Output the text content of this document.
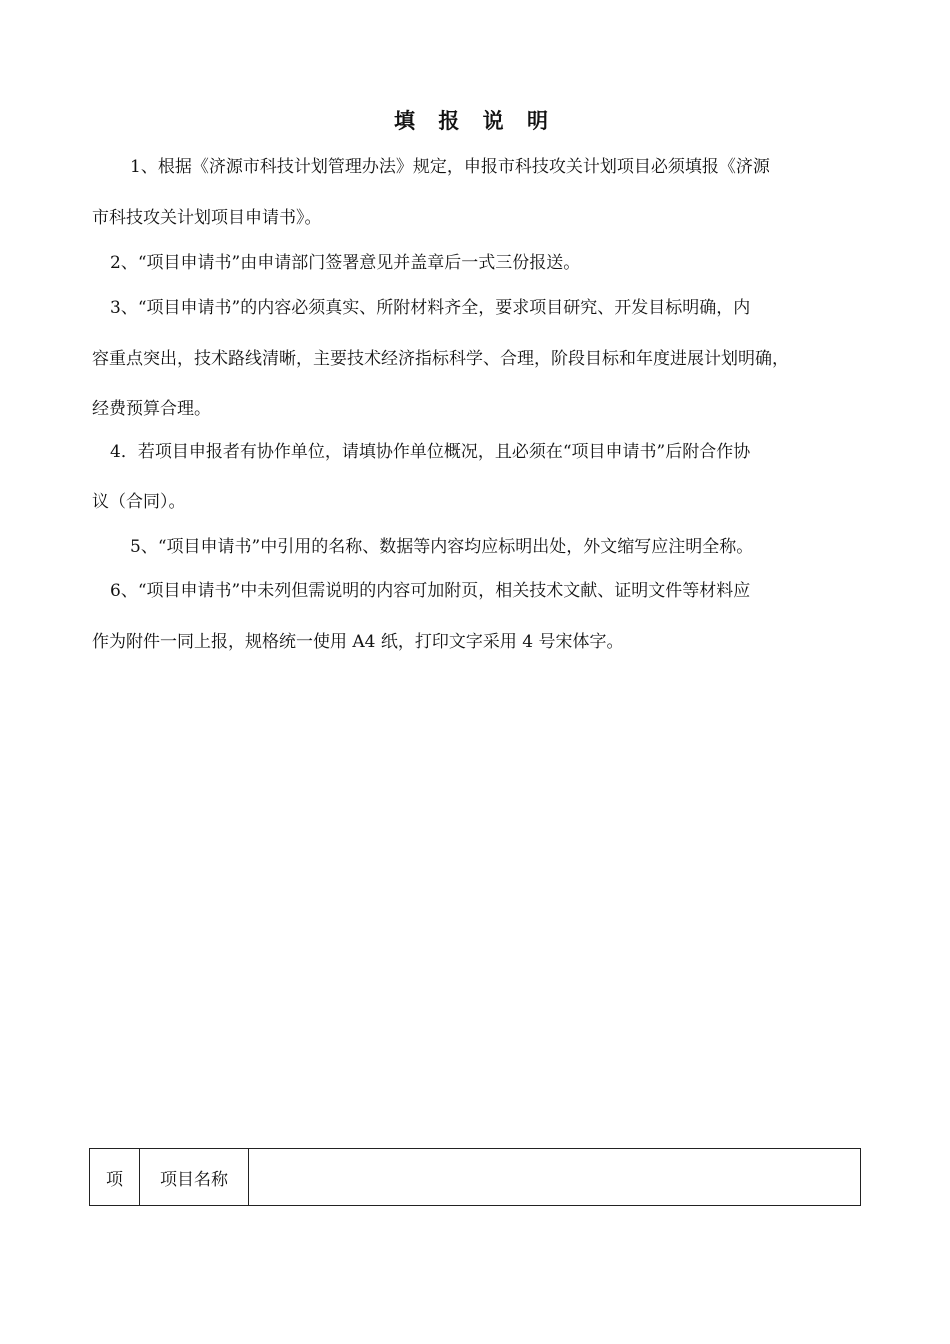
填 报 说 明
1、根据《济源市科技计划管理办法》规定，申报市科技攻关计划项目必须填报《济源
市科技攻关计划项目申请书》。
2、“项目申请书”由申请部门签署意见并盖章后一式三份报送。
3、“项目申请书”的内容必须真实、所附材料齐全，要求项目研究、开发目标明确，内
容重点突出，技术路线清晰，主要技术经济指标科学、合理，阶段目标和年度进展计划明确，
经费预算合理。
4．若项目申报者有协作单位，请填协作单位概况，且必须在“项目申请书”后附合作协
议（合同）。
5、“项目申请书”中引用的名称、数据等内容均应标明出处，外文缩写应注明全称。
6、“项目申请书”中未列但需说明的内容可加附页，相关技术文献、证明文件等材料应
作为附件一同上报，规格统一使用 A4 纸，打印文字采用 4 号宋体字。
项	项目名称
